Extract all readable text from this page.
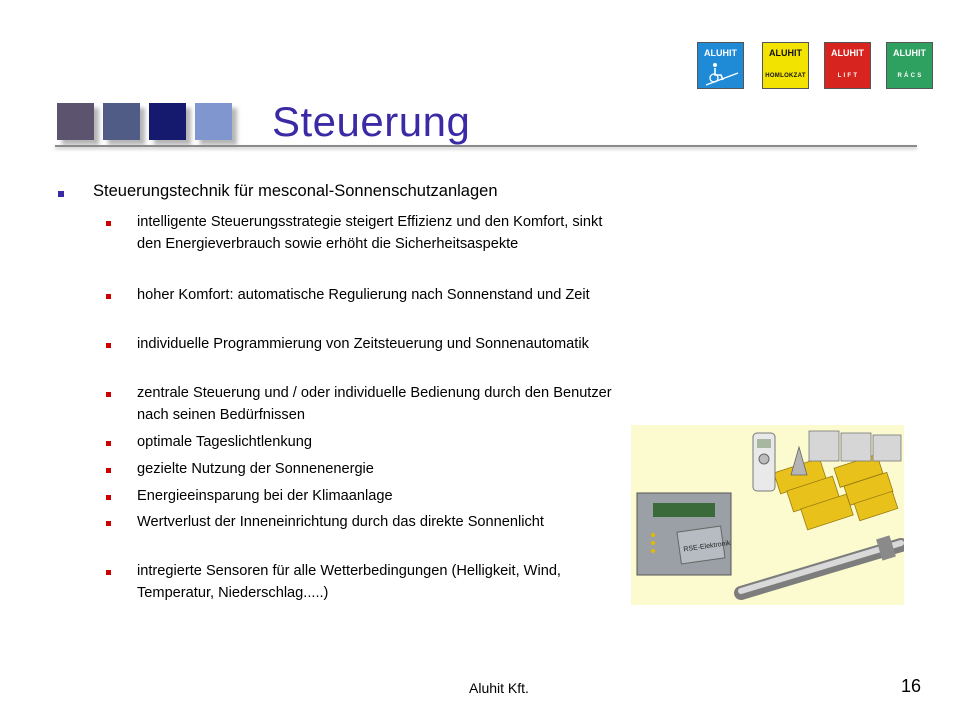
Steuerung
ALUHIT	ALUHIT
HOMLOKZAT
ALUHIT
L I F T
ALUHIT
R Á C S
Steuerungstechnik für mesconal-Sonnenschutzanlagen
intelligente Steuerungsstrategie steigert Effizienz und den Komfort, sinkt den Energieverbrauch sowie erhöht die Sicherheitsaspekte
hoher Komfort: automatische Regulierung nach Sonnenstand und Zeit
individuelle Programmierung von Zeitsteuerung und Sonnenautomatik
zentrale Steuerung und / oder individuelle Bedienung durch den Benutzer nach seinen Bedürfnissen
optimale Tageslichtlenkung
gezielte Nutzung der Sonnenenergie
Energieeinsparung bei der Klimaanlage
Wertverlust der Inneneinrichtung durch das direkte Sonnenlicht
intregierte Sensoren für alle Wetterbedingungen (Helligkeit, Wind, Temperatur, Niederschlag.....)
RSE-Elektronik
Aluhit Kft.	16
